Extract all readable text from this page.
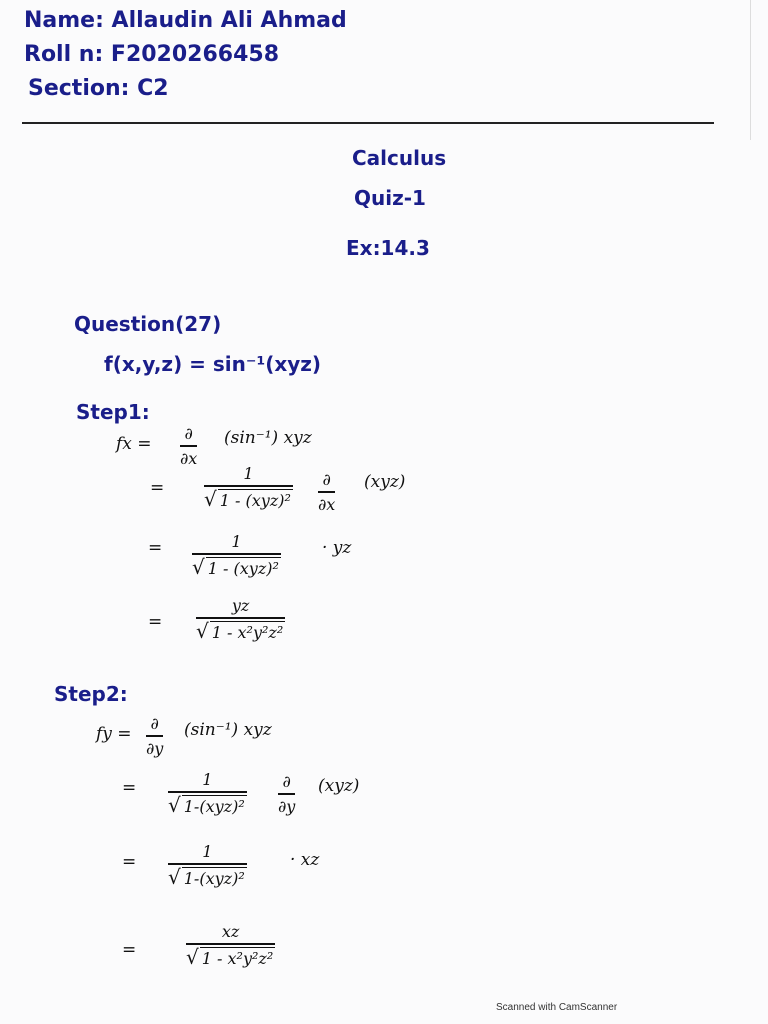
Name: Allaudin Ali Ahmad
Roll n: F2020266458
Section: C2
Calculus
Quiz-1
Ex:14.3
Question(27)
f(x,y,z) = sin⁻¹(xyz)
Step1:
fx =
∂
∂x
(sin⁻¹) xyz
=
1
√ 1 - (xyz)²
∂
∂x
(xyz)
=	1
√ 1 - (xyz)²
· yz
=
yz
√ 1 - x²y²z²
Step2:
fy =
∂
∂y
(sin⁻¹) xyz
=	1
√ 1-(xyz)²
∂
∂y
(xyz)
=
1
√ 1-(xyz)²
· xz
=
xz
√ 1 - x²y²z²
Scanned with CamScanner
